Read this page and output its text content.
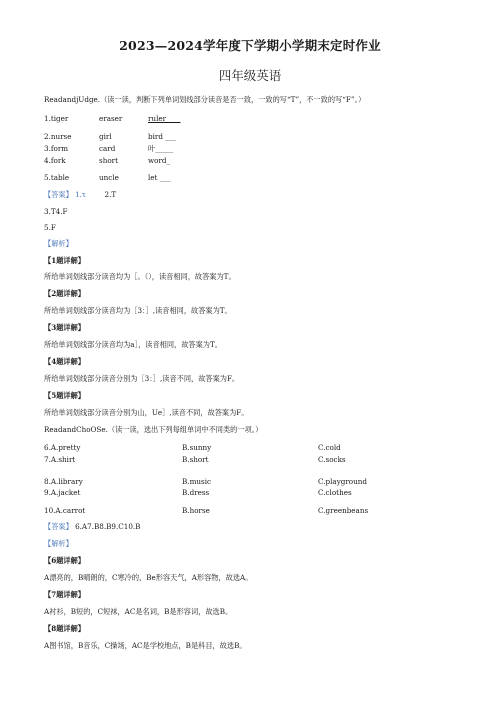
2023—2024学年度下学期小学期末定时作业
四年级英语
ReadandjUdge.（读一读，判断下列单词划线部分读音是否一致，一致的写“T”，不一致的写“F”。）
1.tiger	eraser	ruler____
2.nurse	girl	bird ___
3.form	card	叶_____
4.fork	short	word_
5.table	uncle	let ___
【答案】 1.τ	2.T
3.T4.F
5.F
【解析】
【1题详解】
所给单词划线部分读音均为［。（），读音相同，故答案为T。
【2题详解】
所给单词划线部分读音均为［3：］,读音相同，故答案为T。
【3题详解】
所给单词划线部分读音均为a］，读音相同，故答案为T。
【4题详解】
所给单词划线部分读音分别为［3：］,读音不同，故答案为F。
【5题详解】
所给单词划线部分读音分别为山，Ue］,读音不同，故答案为F。
ReadandChoOSe.（读一读，选出下列每组单词中不同类的一项。）
6.A.pretty	B.sunny	C.cold
7.A.shirt	B.short	C.socks
8.A.library	B.music	C.playground
9.A.jacket	B.dress	C.clothes
10.A.carrot	B.horse	C.greenbeans
【答案】 6.A7.B8.B9.C10.B
【解析】
【6题详解】
A漂亮的，B晴朗的，C寒冷的，Be形容天气，A形容物，故选A。
【7题详解】
A衬衫，B短的，C短袜，AC是名词，B是形容词，故选B。
【8题详解】
A图书馆，B音乐，C操场，AC是学校地点，B是科目，故选B。
